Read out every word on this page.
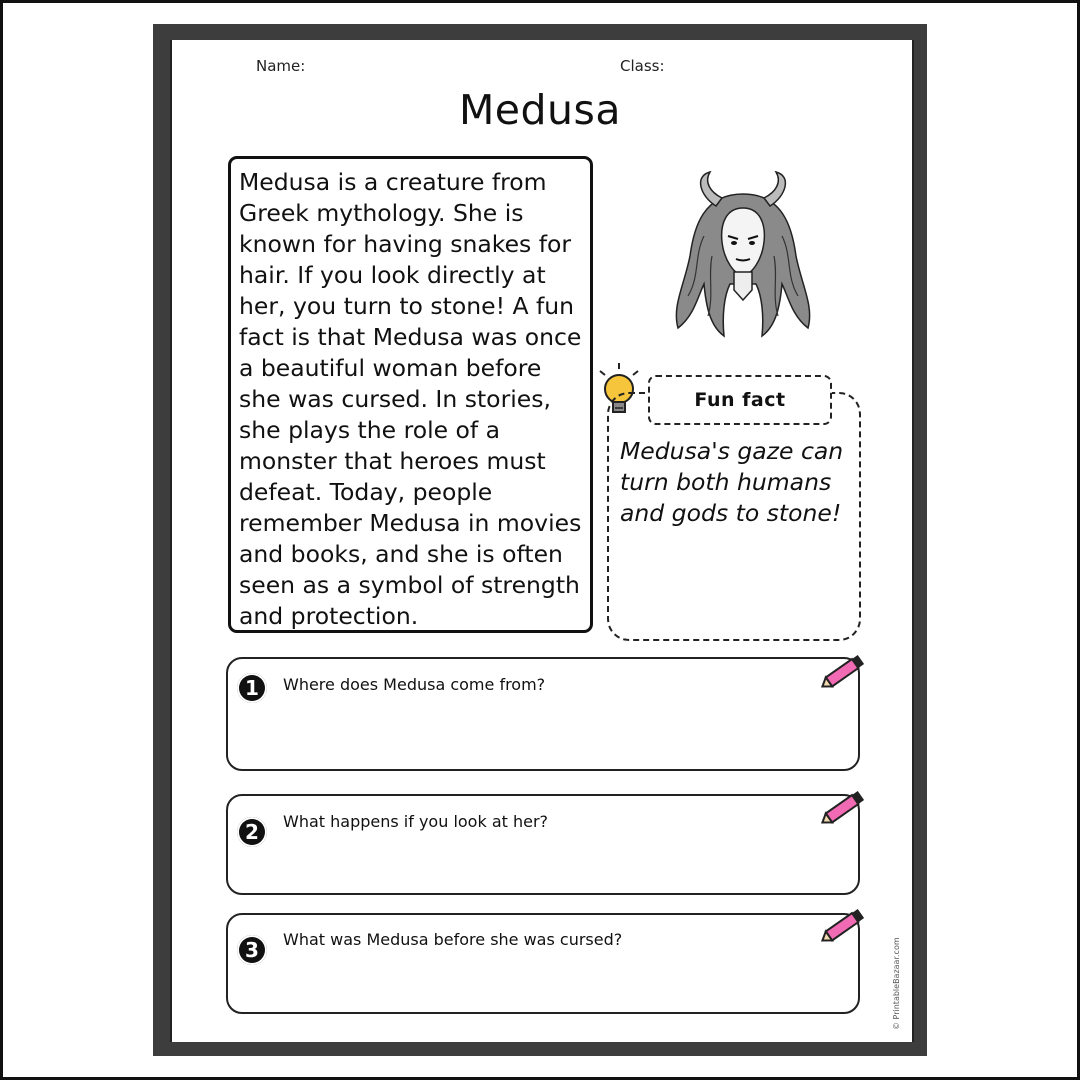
Name:	Class:
Medusa
Medusa is a creature from Greek mythology. She is known for having snakes for hair. If you look directly at her, you turn to stone! A fun fact is that Medusa was once a beautiful woman before she was cursed. In stories, she plays the role of a monster that heroes must defeat. Today, people remember Medusa in movies and books, and she is often seen as a symbol of strength and protection.
Fun fact
Medusa's gaze can turn both humans and gods to stone!
1	Where does Medusa come from?
2	What happens if you look at her?
3	What was Medusa before she was cursed?	© PrintableBazaar.com
